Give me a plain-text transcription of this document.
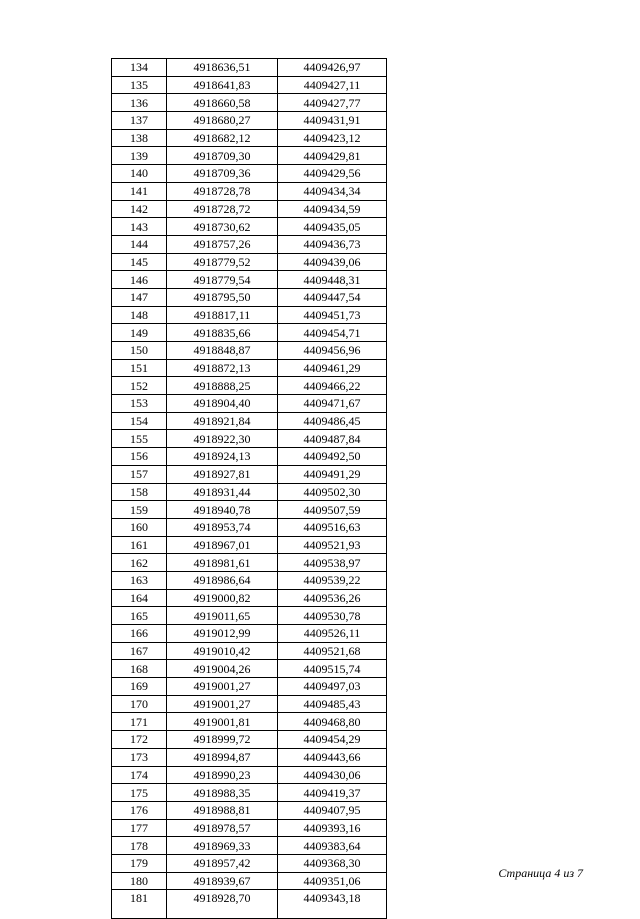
134	4918636,51	4409426,97
135	4918641,83	4409427,11
136	4918660,58	4409427,77
137	4918680,27	4409431,91
138	4918682,12	4409423,12
139	4918709,30	4409429,81
140	4918709,36	4409429,56
141	4918728,78	4409434,34
142	4918728,72	4409434,59
143	4918730,62	4409435,05
144	4918757,26	4409436,73
145	4918779,52	4409439,06
146	4918779,54	4409448,31
147	4918795,50	4409447,54
148	4918817,11	4409451,73
149	4918835,66	4409454,71
150	4918848,87	4409456,96
151	4918872,13	4409461,29
152	4918888,25	4409466,22
153	4918904,40	4409471,67
154	4918921,84	4409486,45
155	4918922,30	4409487,84
156	4918924,13	4409492,50
157	4918927,81	4409491,29
158	4918931,44	4409502,30
159	4918940,78	4409507,59
160	4918953,74	4409516,63
161	4918967,01	4409521,93
162	4918981,61	4409538,97
163	4918986,64	4409539,22
164	4919000,82	4409536,26
165	4919011,65	4409530,78
166	4919012,99	4409526,11
167	4919010,42	4409521,68
168	4919004,26	4409515,74
169	4919001,27	4409497,03
170	4919001,27	4409485,43
171	4919001,81	4409468,80
172	4918999,72	4409454,29
173	4918994,87	4409443,66
174	4918990,23	4409430,06
175	4918988,35	4409419,37
176	4918988,81	4409407,95
177	4918978,57	4409393,16
178	4918969,33	4409383,64
179	4918957,42	4409368,30
180	4918939,67	4409351,06
181	4918928,70	4409343,18
Страница 4 из 7
